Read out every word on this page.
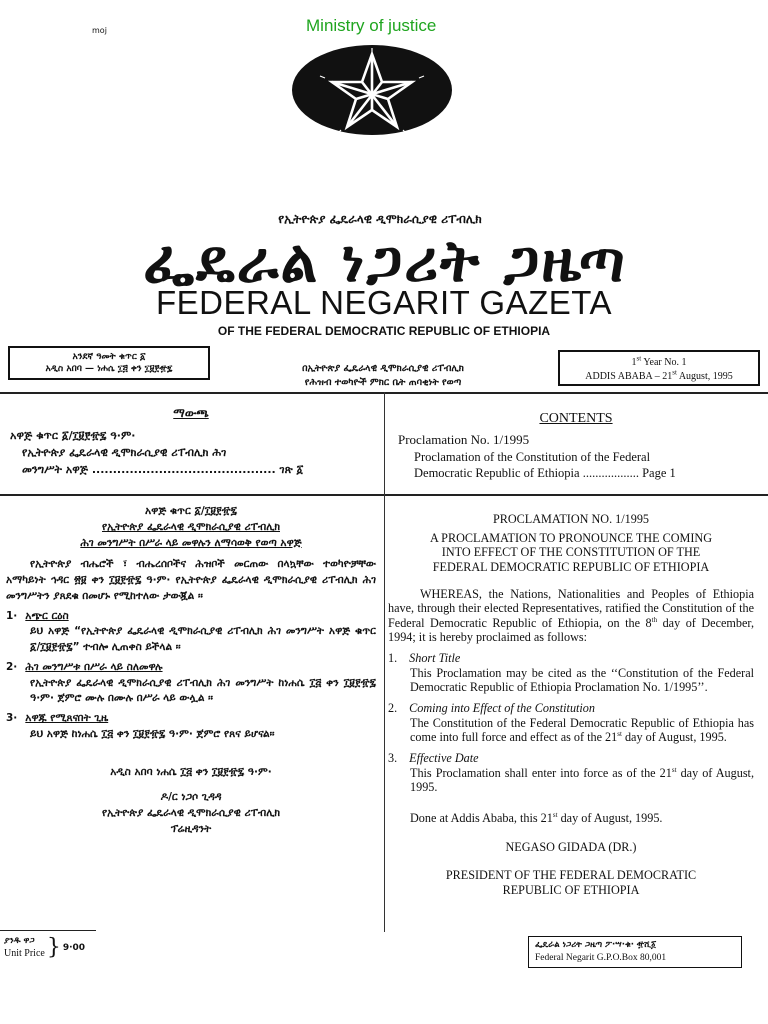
moj	Ministry of justice
የኢትዮጵያ ፌዴራላዊ ዲሞክራሲያዊ ሪፐብሊክ
ፌዴራል ነጋሪት ጋዜጣ
FEDERAL NEGARIT GAZETA
OF THE FEDERAL DEMOCRATIC REPUBLIC OF ETHIOPIA
አንደኛ ዓመት ቁጥር ፩
አዲስ አበባ — ነሐሴ ፲፭ ቀን ፲፱፻፹፯	በኢትዮጵያ ፌዴራላዊ ዲሞክራሲያዊ ሪፐብሊክ
የሕዝብ ተወካዮች ምክር ቤት ጠባቂነት የወጣ
1st Year No. 1
ADDIS ABABA – 21st August, 1995
ማውጫ
አዋጅ ቁጥር ፩/፲፱፻፹፯ ዓ·ም·
የኢትዮጵያ ፌዴራላዊ ዲሞክራሲያዊ ሪፐብሊክ ሕገ
መንግሥት አዋጅ ............................................ ገጽ ፩
CONTENTS
Proclamation No. 1/1995
Proclamation of the Constitution of the Federal
Democratic Republic of Ethiopia .................. Page 1
አዋጅ ቁጥር ፩/፲፱፻፹፯
የኢትዮጵያ ፌዴራላዊ ዲሞክራሲያዊ ሪፐብሊክ
ሕገ መንግሥት በሥራ ላይ መዋሉን ለማሳወቅ የወጣ አዋጅ
የኢትዮጵያ ብሔሮች ፣ ብሔረሰቦችና ሕዝቦች መርጠው በላኳቸው ተወካዮቻቸው አማካይነት ኅዳር ፳፱ ቀን ፲፱፻፹፯ ዓ·ም· የኢትዮጵያ ፌዴራላዊ ዲሞክራሲያዊ ሪፐብሊክ ሕገ መንግሥትን ያጸደቁ በመሆኑ የሚከተለው ታውጇል ።
1· አጭር ርዕስ
ይህ አዋጅ “የኢትዮጵያ ፌዴራላዊ ዲሞክራሲያዊ ሪፐብሊክ ሕገ መንግሥት አዋጅ ቁጥር ፩/፲፱፻፹፯” ተብሎ ሊጠቀስ ይችላል ።
2· ሕገ መንግሥቱ በሥራ ላይ ስለመዋሉ
የኢትዮጵያ ፌዴራላዊ ዲሞክራሲያዊ ሪፐብሊክ ሕገ መንግሥት ከነሐሴ ፲፭ ቀን ፲፱፻፹፯ ዓ·ም· ጀምሮ ሙሉ በሙሉ በሥራ ላይ ውሏል ።
3· አዋጁ የሚጸናበት ጊዜ
ይህ አዋጅ ከነሐሴ ፲፭ ቀን ፲፱፻፹፯ ዓ·ም· ጀምሮ የጸና ይሆናል።
አዲስ አበባ ነሐሴ ፲፭ ቀን ፲፱፻፹፯ ዓ·ም·
ዶ/ር ነጋሶ ጊዳዳ
የኢትዮጵያ ፌዴራላዊ ዲሞክራሲያዊ ሪፐብሊክ
ፕሬዚዳንት
PROCLAMATION NO. 1/1995
A PROCLAMATION TO PRONOUNCE THE COMING
INTO EFFECT OF THE CONSTITUTION OF THE
FEDERAL DEMOCRATIC REPUBLIC OF ETHIOPIA
WHEREAS, the Nations, Nationalities and Peoples of Ethiopia have, through their elected Representatives, ratified the Constitution of the Federal Democratic Republic of Ethiopia, on the 8th day of December, 1994; it is hereby proclaimed as follows:
1. Short Title
This Proclamation may be cited as the ‘‘Constitution of the Federal Democratic Republic of Ethiopia Proclamation No. 1/1995’’.
2. Coming into Effect of the Constitution
The Constitution of the Federal Democratic Republic of Ethiopia has come into full force and effect as of the 21st day of August, 1995.
3. Effective Date
This Proclamation shall enter into force as of the 21st day of August, 1995.
Done at Addis Ababa, this 21st day of August, 1995.
NEGASO GIDADA (DR.)
PRESIDENT OF THE FEDERAL DEMOCRATIC
REPUBLIC OF ETHIOPIA
ያንዱ ዋጋ
Unit Price } 9·00	ፌዴራል ነጋሪት ጋዜጣ ፖ·ሣ·ቁ· ፹ሺ፩
Federal Negarit G.P.O.Box 80,001
